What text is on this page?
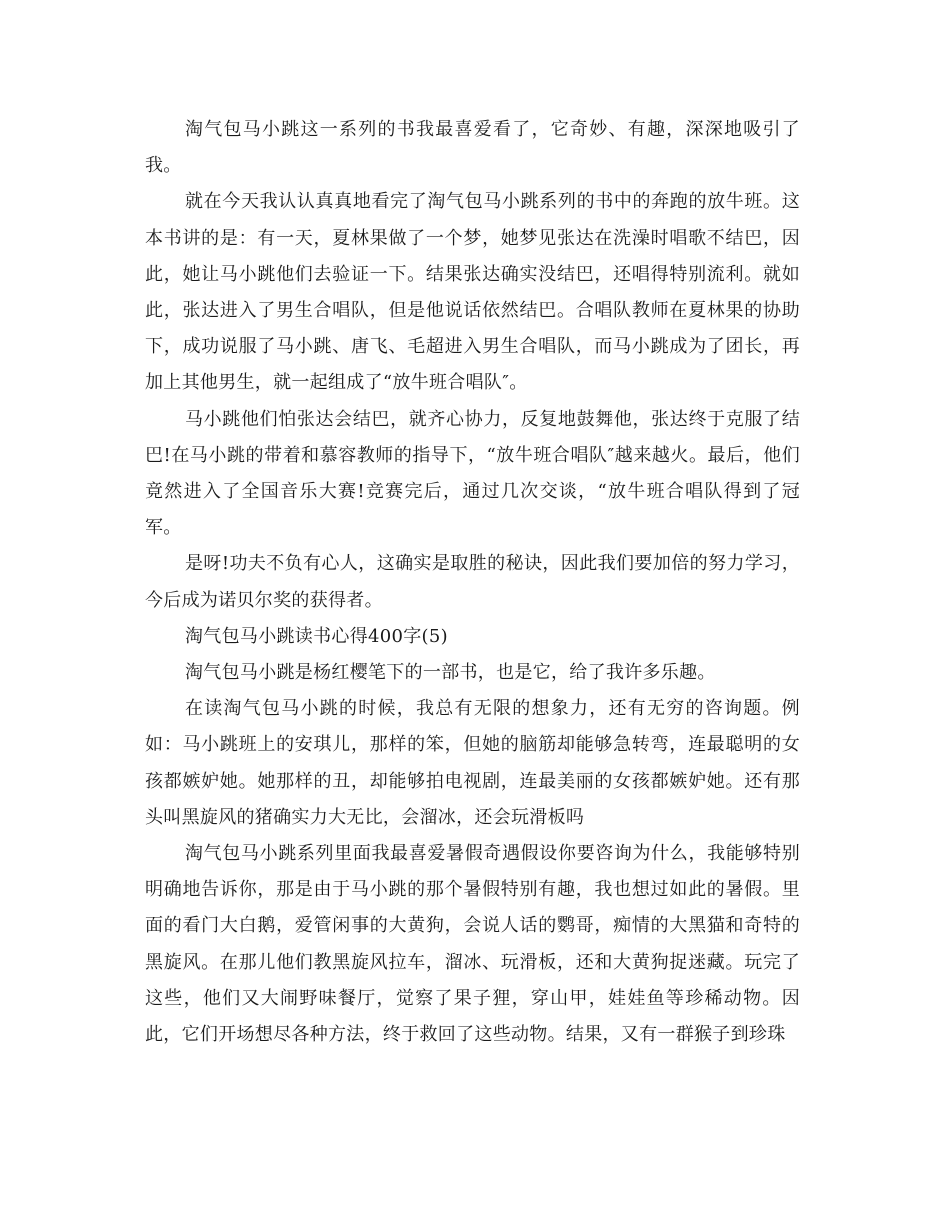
淘气包马小跳这一系列的书我最喜爱看了，它奇妙、有趣，深深地吸引了我。

就在今天我认认真真地看完了淘气包马小跳系列的书中的奔跑的放牛班。这本书讲的是：有一天，夏林果做了一个梦，她梦见张达在洗澡时唱歌不结巴，因此，她让马小跳他们去验证一下。结果张达确实没结巴，还唱得特别流利。就如此，张达进入了男生合唱队，但是他说话依然结巴。合唱队教师在夏林果的协助下，成功说服了马小跳、唐飞、毛超进入男生合唱队，而马小跳成为了团长，再加上其他男生，就一起组成了“放牛班合唱队″。

马小跳他们怕张达会结巴，就齐心协力，反复地鼓舞他，张达终于克服了结巴!在马小跳的带着和慕容教师的指导下，“放牛班合唱队″越来越火。最后，他们竟然进入了全国音乐大赛!竞赛完后，通过几次交谈，“放牛班合唱队得到了冠军。

是呀!功夫不负有心人，这确实是取胜的秘诀，因此我们要加倍的努力学习，今后成为诺贝尔奖的获得者。

淘气包马小跳读书心得400字(5)

淘气包马小跳是杨红樱笔下的一部书，也是它，给了我许多乐趣。

在读淘气包马小跳的时候，我总有无限的想象力，还有无穷的咨询题。例如：马小跳班上的安琪儿，那样的笨，但她的脑筋却能够急转弯，连最聪明的女孩都嫉妒她。她那样的丑，却能够拍电视剧，连最美丽的女孩都嫉妒她。还有那头叫黑旋风的猪确实力大无比，会溜冰，还会玩滑板吗

淘气包马小跳系列里面我最喜爱暑假奇遇假设你要咨询为什么，我能够特别明确地告诉你，那是由于马小跳的那个暑假特别有趣，我也想过如此的暑假。里面的看门大白鹅，爱管闲事的大黄狗，会说人话的鹦哥，痴情的大黑猫和奇特的黑旋风。在那儿他们教黑旋风拉车，溜冰、玩滑板，还和大黄狗捉迷藏。玩完了这些，他们又大闹野味餐厅，觉察了果子狸，穿山甲，娃娃鱼等珍稀动物。因此，它们开场想尽各种方法，终于救回了这些动物。结果，又有一群猴子到珍珠
